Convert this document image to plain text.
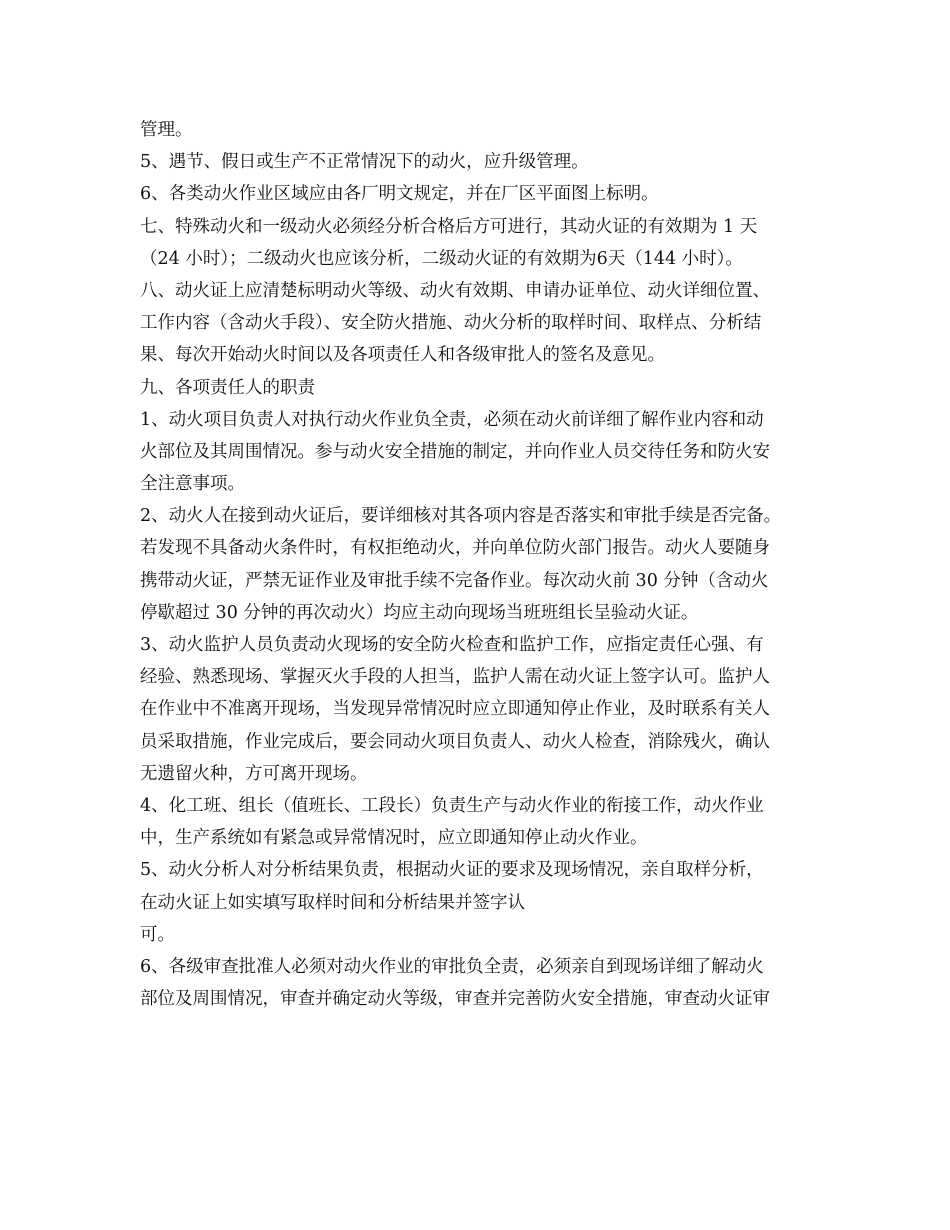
管理。
5、遇节、假日或生产不正常情况下的动火，应升级管理。
6、各类动火作业区域应由各厂明文规定，并在厂区平面图上标明。
七、特殊动火和一级动火必须经分析合格后方可进行，其动火证的有效期为 1 天
（24 小时）；二级动火也应该分析，二级动火证的有效期为6天（144 小时）。
八、动火证上应清楚标明动火等级、动火有效期、申请办证单位、动火详细位置、
工作内容（含动火手段）、安全防火措施、动火分析的取样时间、取样点、分析结
果、每次开始动火时间以及各项责任人和各级审批人的签名及意见。
九、各项责任人的职责
1、动火项目负责人对执行动火作业负全责，必须在动火前详细了解作业内容和动
火部位及其周围情况。参与动火安全措施的制定，并向作业人员交待任务和防火安
全注意事项。
2、动火人在接到动火证后，要详细核对其各项内容是否落实和审批手续是否完备。
若发现不具备动火条件时，有权拒绝动火，并向单位防火部门报告。动火人要随身
携带动火证，严禁无证作业及审批手续不完备作业。每次动火前 30 分钟（含动火
停歇超过 30 分钟的再次动火）均应主动向现场当班班组长呈验动火证。
3、动火监护人员负责动火现场的安全防火检查和监护工作，应指定责任心强、有
经验、熟悉现场、掌握灭火手段的人担当，监护人需在动火证上签字认可。监护人
在作业中不准离开现场，当发现异常情况时应立即通知停止作业，及时联系有关人
员采取措施，作业完成后，要会同动火项目负责人、动火人检查，消除残火，确认
无遗留火种，方可离开现场。
4、化工班、组长（值班长、工段长）负责生产与动火作业的衔接工作，动火作业
中，生产系统如有紧急或异常情况时，应立即通知停止动火作业。
5、动火分析人对分析结果负责，根据动火证的要求及现场情况，亲自取样分析，
在动火证上如实填写取样时间和分析结果并签字认
可。
6、各级审查批准人必须对动火作业的审批负全责，必须亲自到现场详细了解动火
部位及周围情况，审查并确定动火等级，审查并完善防火安全措施，审查动火证审
